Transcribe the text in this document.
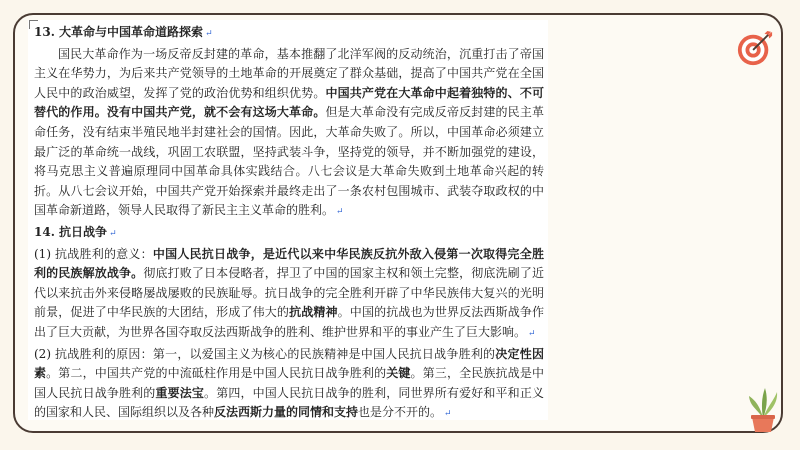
13. 大革命与中国革命道路探索 ↵

国民大革命作为一场反帝反封建的革命，基本推翻了北洋军阀的反动统治，沉重打击了帝国主义在华势力，为后来共产党领导的土地革命的开展奠定了群众基础，提高了中国共产党在全国人民中的政治威望，发挥了党的政治优势和组织优势。中国共产党在大革命中起着独特的、不可替代的作用。没有中国共产党，就不会有这场大革命。但是大革命没有完成反帝反封建的民主革命任务，没有结束半殖民地半封建社会的国情。因此，大革命失败了。所以，中国革命必须建立最广泛的革命统一战线，巩固工农联盟，坚持武装斗争，坚持党的领导，并不断加强党的建设，将马克思主义普遍原理同中国革命具体实践结合。八七会议是大革命失败到土地革命兴起的转折。从八七会议开始，中国共产党开始探索并最终走出了一条农村包围城市、武装夺取政权的中国革命新道路，领导人民取得了新民主主义革命的胜利。 ↵

14. 抗日战争 ↵

(1) 抗战胜利的意义：中国人民抗日战争，是近代以来中华民族反抗外敌入侵第一次取得完全胜利的民族解放战争。彻底打败了日本侵略者，捍卫了中国的国家主权和领土完整，彻底洗刷了近代以来抗击外来侵略屡战屡败的民族耻辱。抗日战争的完全胜利开辟了中华民族伟大复兴的光明前景，促进了中华民族的大团结，形成了伟大的抗战精神。中国的抗战也为世界反法西斯战争作出了巨大贡献，为世界各国夺取反法西斯战争的胜利、维护世界和平的事业产生了巨大影响。 ↵

(2) 抗战胜利的原因：第一，以爱国主义为核心的民族精神是中国人民抗日战争胜利的决定性因素。第二，中国共产党的中流砥柱作用是中国人民抗日战争胜利的关键。第三，全民族抗战是中国人民抗日战争胜利的重要法宝。第四，中国人民抗日战争的胜利，同世界所有爱好和平和正义的国家和人民、国际组织以及各种反法西斯力量的同情和支持也是分不开的。 ↵
